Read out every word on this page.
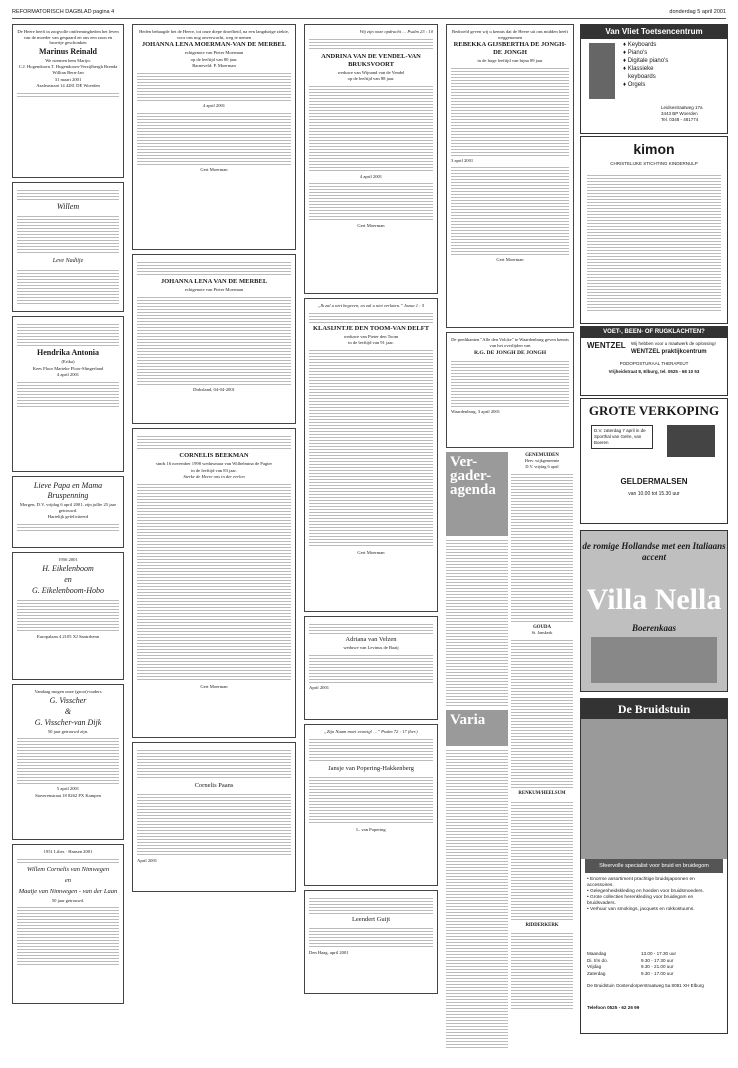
REFORMATORISCH DAGBLAD pagina 4	donderdag 5 april 2001

De Heere heeft in zorgvolle ontfermingheden het leven van de moeder van gespaard en ons een zoon en broertje geschonken

Marinus Reinald

We noemen hem Marijn.

C.J. Hogendoorn T. Hogendoorn-Verzijlbergh Brenda Willian Bern-Jan

31 maart 2001

Azaleastraat 14 4281 DE Woerden

Willem

Leve Nadiije

Hendrika Antonia

(Erika)

Kees Floor Marieke Floor-Slingerland

4 april 2001

Lieve Papa en Mama Bruspenning

Morgen, D.V. vrijdag 6 april 2001, zijn jullie 25 jaar getrouwd.

Hartelijk gefeliciteerd

1956 2001

H. Eikelenboom

en

G. Eikelenboom-Hobo

Europalaan 4 2105 XJ Santrrhenn

Vandaag mogen onze (groot)-ouders

G. Visscher

&

G. Visscher-van Dijk

50 jaar getrouwd zijn.

5 april 2001

Staverenstraat 18 8262 PX Kampen

1951 Lilies · Hansen 2001

Willem Cornelis van Nimwegen

en

Maatje van Nimwegen - van der Laan

50 jaar getrouwd.

Heden behaagde het de Heere, tot onze diepe droefheid, na een langdurige ziekte, voor ons nog onverwacht, weg te nemen

JOHANNA LENA MOERMAN-VAN DE MERBEL

echtgenote van Pieter Moerman

op de leeftijd van 80 jaar.

Barneveld: P. Moerman

4 april 2001

Gert Moerman

JOHANNA LENA VAN DE MERBEL

echtgenote van Pieter Moerman

Dirksland, 04-04-2001

CORNELIS BEEKMAN

sinds 16 november 1998 weduwnaar van Wilhelmina de Pagter

in de leeftijd van 83 jaar.

Sterke de Heere ons in der eerlen

Gert Moerman

Cornelis Paans

April 2001

Wij zijn onze opdracht … Psalm 23 : 10

ANDRINA VAN DE VENDEL-VAN BRUKSVOORT

weduwe van Wijnand van de Vendel

op de leeftijd van 88 jaar.

4 april 2001

Gert Moerman

„Ik zal u niet begeven, en zal u niet verlaten.” Jozua 1 : 5

KLASIJNTJE DEN TOOM-VAN DELFT

weduwe van Pieter den Toom

in de leeftijd van 91 jaar.

Gert Moerman

Adriana van Velzen

weduwe van Levinus de Baaij

April 2001

„Zijn Naam moet eeuwig! …” Psalm 72 : 17 (ber.)

Jansje van Popering-Hakkenberg

L. van Popering

Leendert Guijt

Den Haag, april 2001

Bedroefd geven wij u kennis dat de Heere uit ons midden heeft weggenomen

REBEKKA GIJSBERTHA DE JONGH-DE JONGH

in de hoge leeftijd van bijna 89 jaar

3 april 2001

Gert Moerman

De predikanten "Alle den Volcke" te Waardenburg geven kennis van het overlijden van

R.G. DE JONGH DE JONGH

Waardenburg, 3 april 2001

Ver-gader-agenda
Varia
GENEMUIDEN
Herv. wijkgemeente
D.V. vrijdag 6 april
GOUDA
St. Janskerk
RENKUM/HEELSUM
RIDDERKERK
Van Vliet Toetsencentrum
♦ Keyboards
♦ Piano's
♦ Digitale piano's
♦ Klassieke
keyboards
♦ Orgels
Leidsestraatweg 17a
3443 BP Woerden
Tel. 0348 - 481774
kimon
CHRISTELIJKE STICHTING KINDERNULP
VOET-, BEEN- OF RUGKLACHTEN?
WENTZEL Wij hebben voor u maatwerk de oplossing!
WENTZEL praktijkcentrum
PODOPOSTURAAL THERAPEUT
Vrijheidstraat 8, Elburg, tel. 0525 - 68 10 53
GROTE VERKOPING
D.V. zaterdag 7 april in de Sporthal van Gelre, van Boeren
GELDERMALSEN
van 10.00 tot 15.30 uur
de romige Hollandse met een Italiaans accent
Villa Nella
Boerenkaas
De Bruidstuin
Sfeervolle specialist voor bruid en bruidegom
• Enorme assortiment prachtige bruidsjaponnen en accessoires.
• Gelegenheidskleding en hoeden voor bruidsmoeders.
• Grote collecties herenkleding voor bruidegom en bruidsvaders.
• Verhuur van smokings, jacquets en rokkostuums.
Maandag	13.00 - 17.30 uur
Di. t/m do.	9.30 - 17.30 uur
Vrijdag	9.30 - 21.00 uur
Zaterdag	9.30 - 17.00 uur
De Bruidstuin Oostendorperstraatweg 5a 8081 XH Elburg
Telefoon 0525 - 62 26 99
